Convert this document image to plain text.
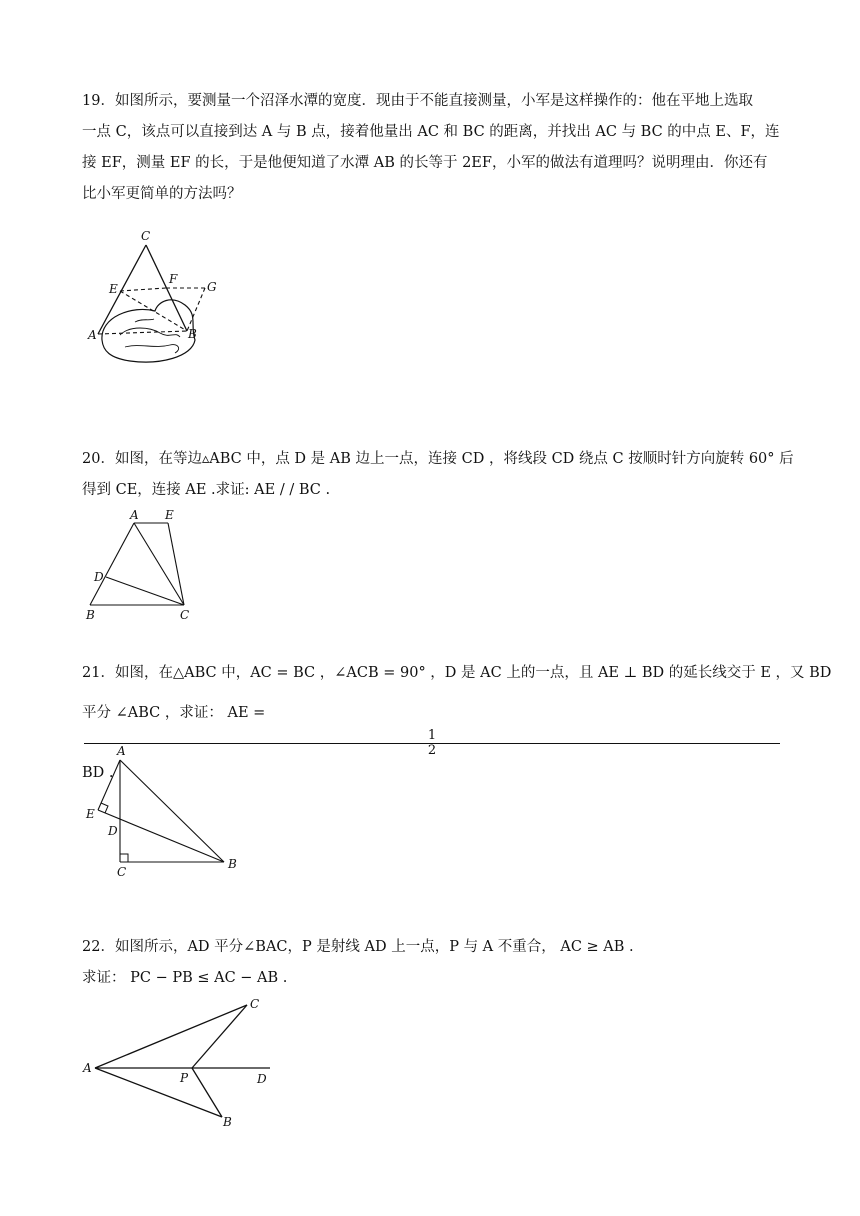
19．如图所示，要测量一个沼泽水潭的宽度．现由于不能直接测量，小军是这样操作的：他在平地上选取
一点 C，该点可以直接到达 A 与 B 点，接着他量出 AC 和 BC 的距离，并找出 AC 与 BC 的中点 E、F，连
接 EF，测量 EF 的长，于是他便知道了水潭 AB 的长等于 2EF，小军的做法有道理吗？说明理由．你还有
比小军更简单的方法吗？
C
E
F
G
A	B
20．如图，在等边▵ABC 中，点 D 是 AB 边上一点，连接 CD ，将线段 CD 绕点 C 按顺时针方向旋转 60° 后
得到 CE，连接 AE .求证: AE / / BC .
A E
D
B	C
21．如图，在△ABC 中，AC = BC ，∠ACB = 90° ，D 是 AC 上的一点，且 AE ⊥ BD 的延长线交于 E ，又 BD
平分 ∠ABC ，求证： AE =
1
2
BD .
A
E
D
C
B
22．如图所示，AD 平分∠BAC，P 是射线 AD 上一点，P 与 A 不重合， AC ≥ AB .
求证： PC − PB ≤ AC − AB .
A
P	D
C
B
